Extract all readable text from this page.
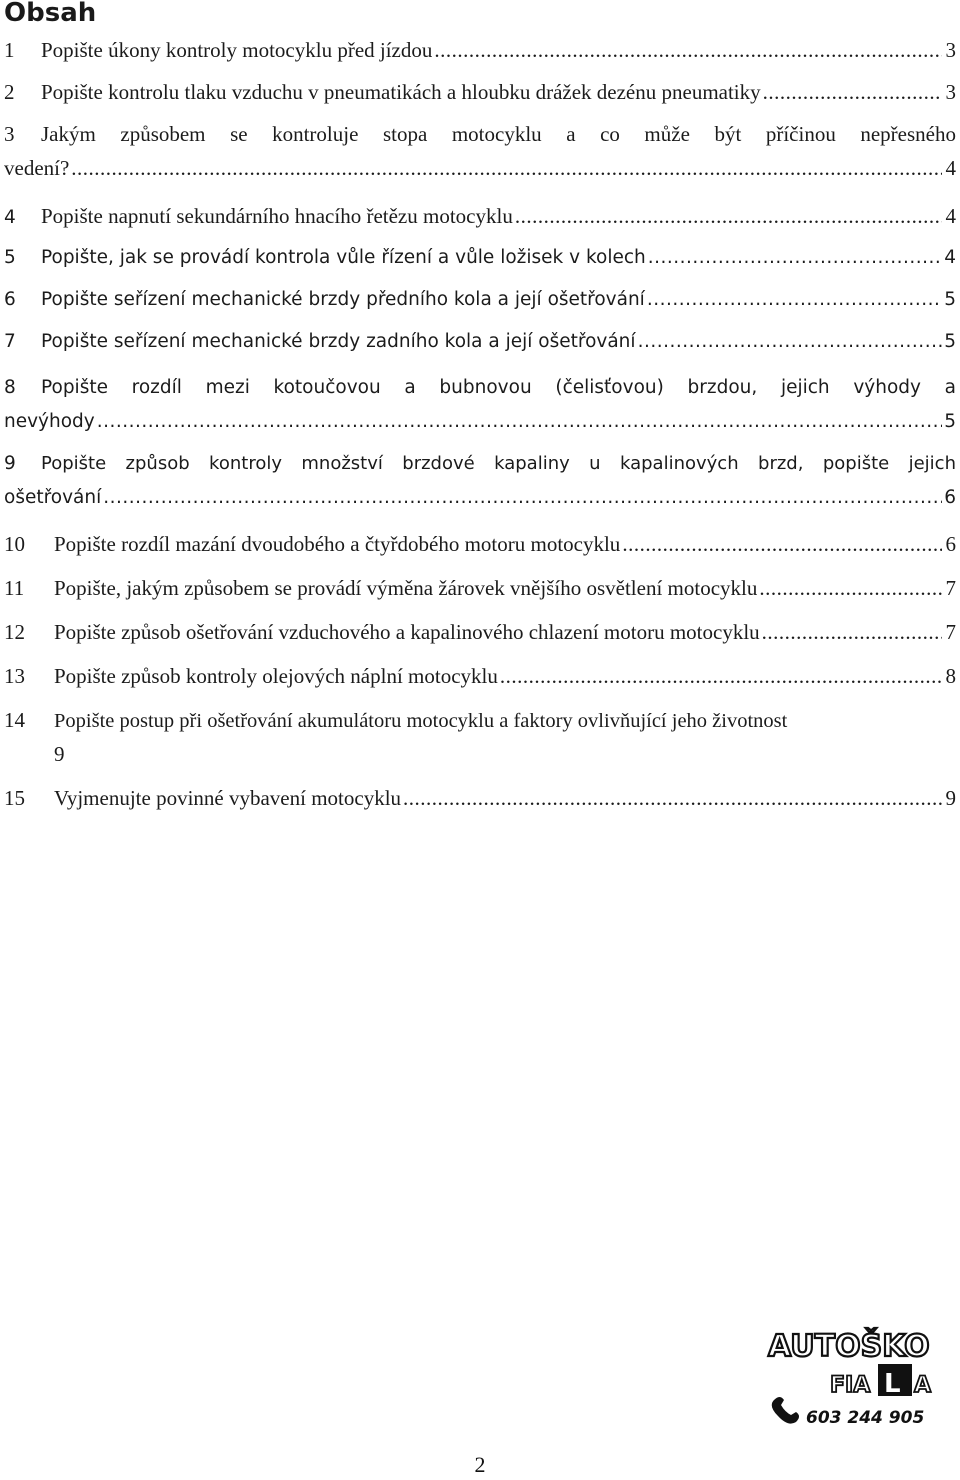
Obsah
1	Popište úkony kontroly motocyklu před jízdou .....	3
2	Popište kontrolu tlaku vzduchu v pneumatikách a hloubku drážek dezénu pneumatiky .....	3
3	Jakým způsobem se kontroluje stopa motocyklu a co může být příčinou nepřesného
vedení? .....	4
4	Popište napnutí sekundárního hnacího řetězu motocyklu .....	4
5	Popište, jak se provádí kontrola vůle řízení a vůle ložisek v kolech .....	4
6	Popište seřízení mechanické brzdy předního kola a její ošetřování .....	5
7	Popište seřízení mechanické brzdy zadního kola a její ošetřování .....	5
8	Popište rozdíl mezi kotoučovou a bubnovou (čelisťovou) brzdou, jejich výhody a
nevýhody .....	5
9	Popište způsob kontroly množství brzdové kapaliny u kapalinových brzd, popište jejich
ošetřování .....	6
10	Popište rozdíl mazání dvoudobého a čtyřdobého motoru motocyklu .....	6
11	Popište, jakým způsobem se provádí výměna žárovek vnějšího osvětlení motocyklu .....	7
12	Popište způsob ošetřování vzduchového a kapalinového chlazení motoru motocyklu .....	7
13	Popište způsob kontroly olejových náplní motocyklu .....	8
14	Popište postup při ošetřování akumulátoru motocyklu a faktory ovlivňující jeho životnost
9
15	Vyjmenujte povinné vybavení motocyklu .....	9
AUTOŠKO
FIA L A
603 244 905
2
